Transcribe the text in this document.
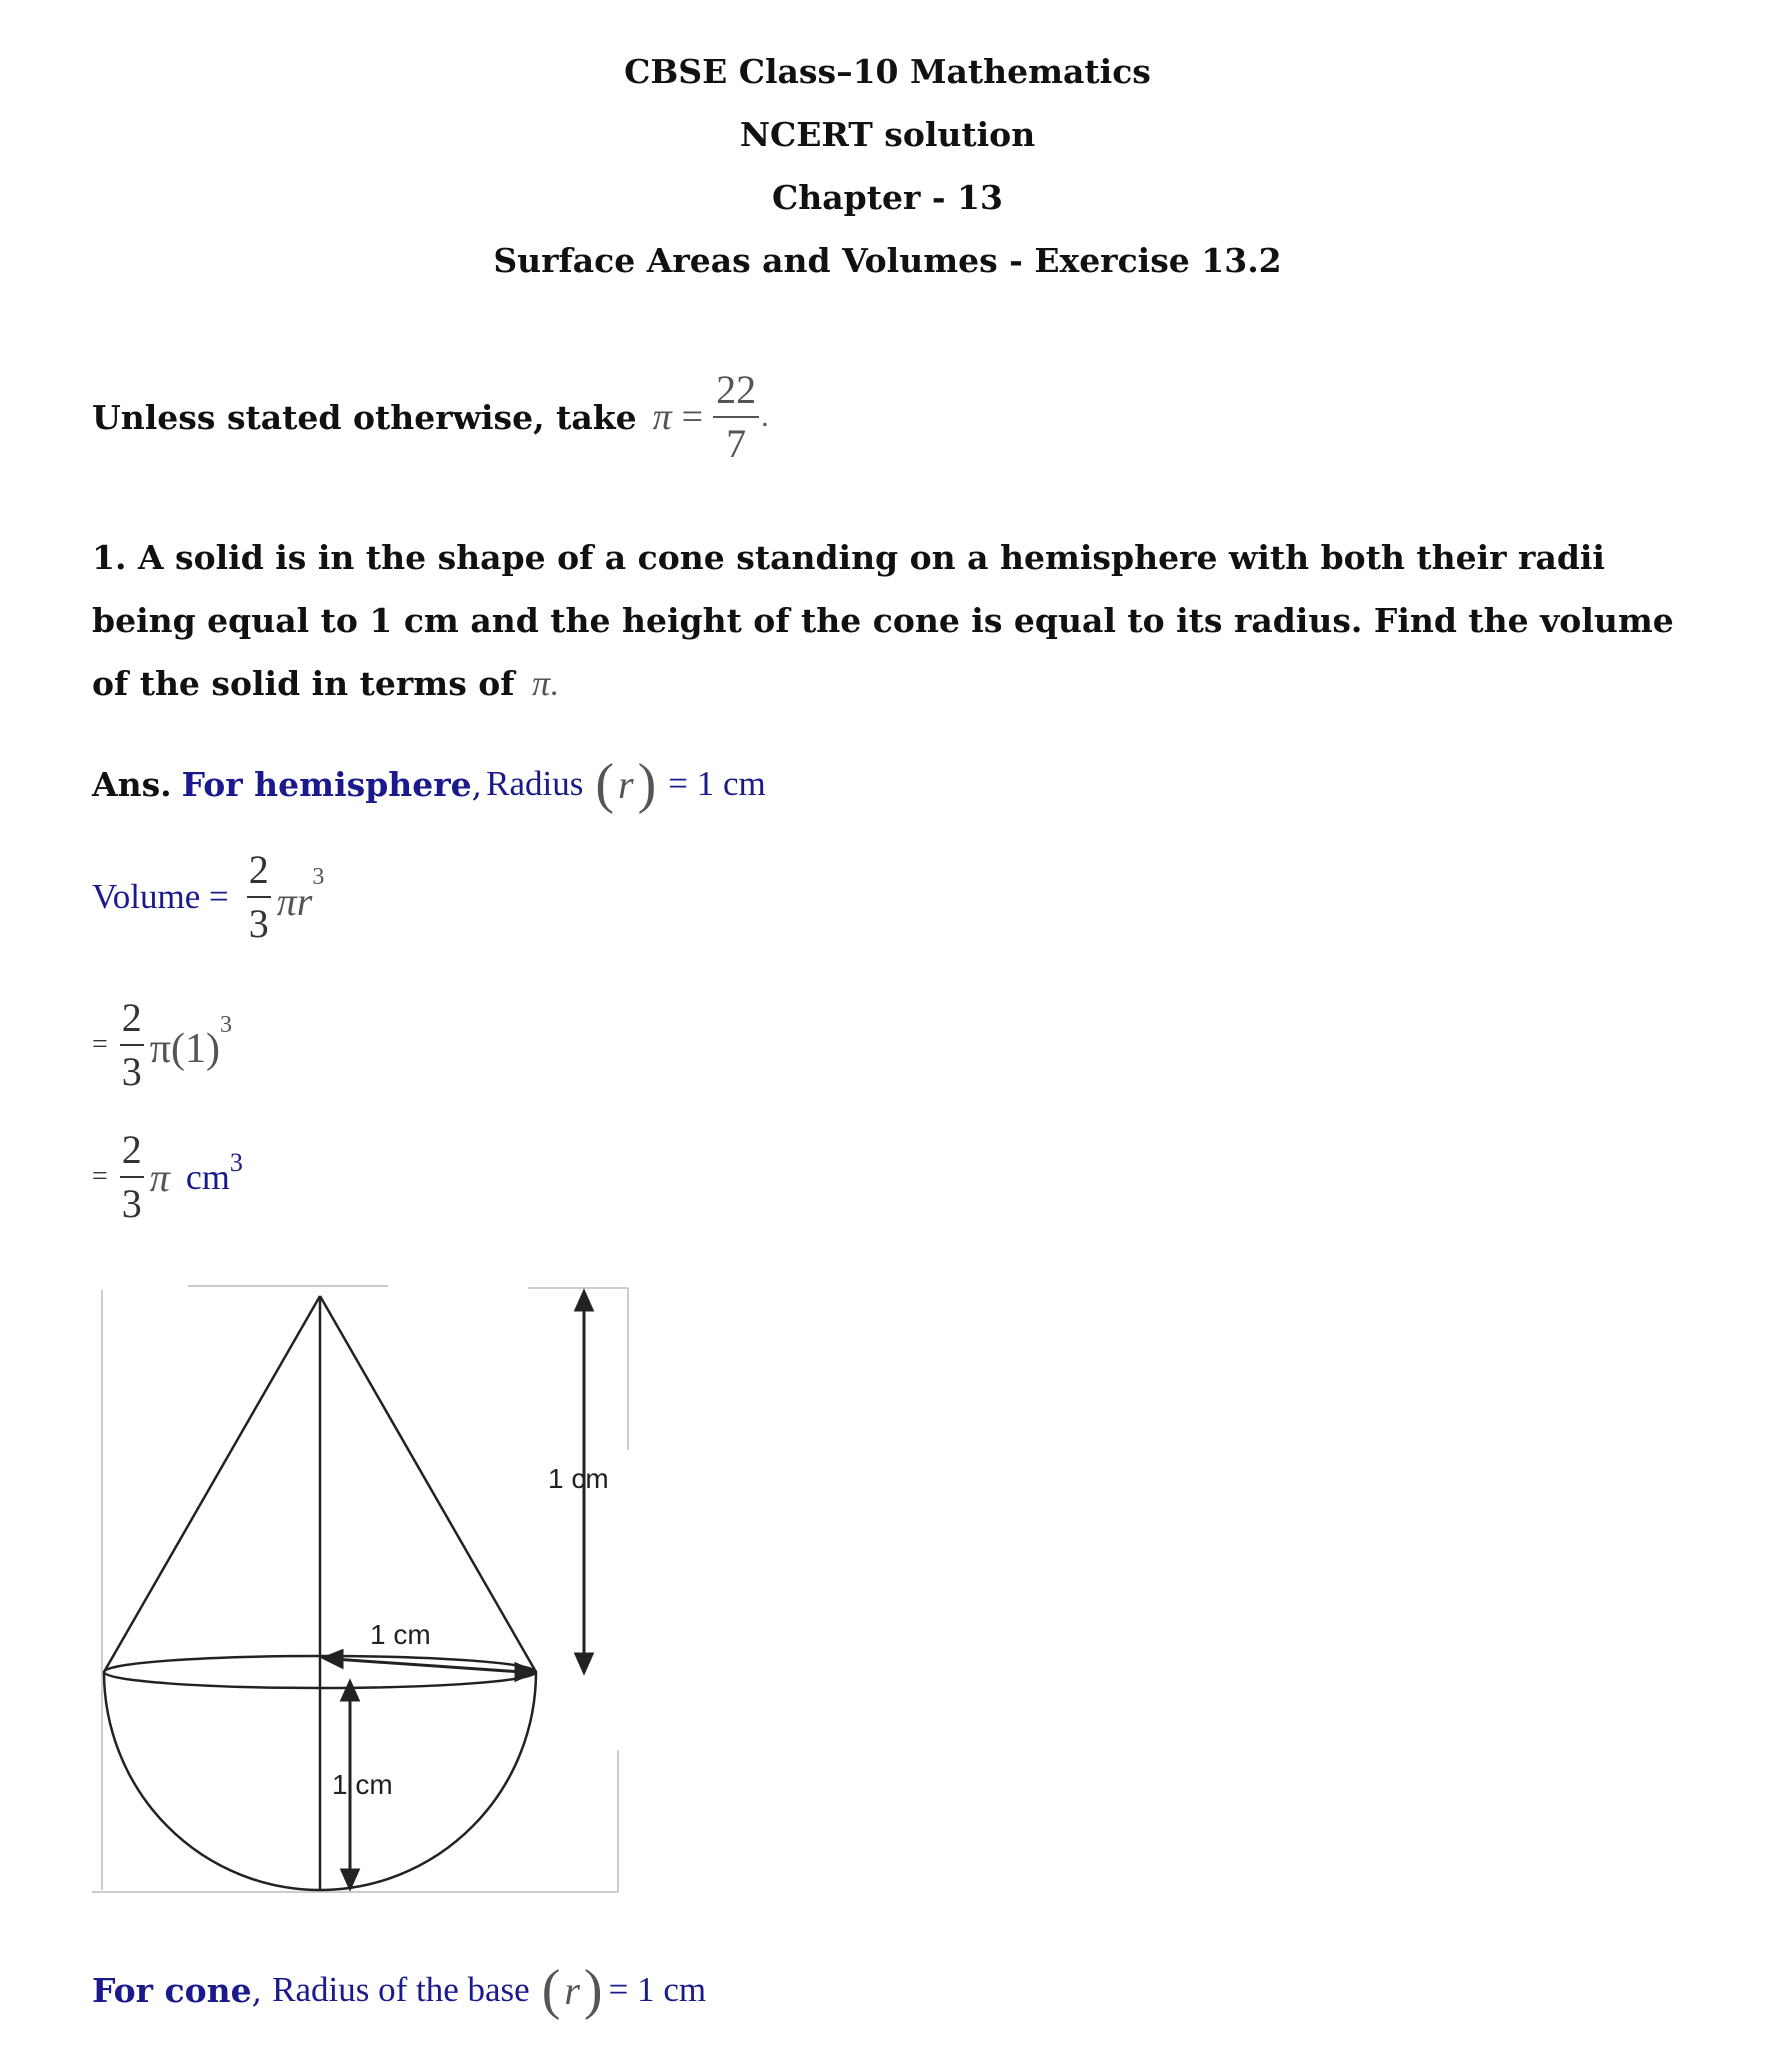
CBSE Class–10 Mathematics
NCERT solution
Chapter - 13
Surface Areas and Volumes - Exercise 13.2
Unless stated otherwise, take $\pi = \frac{22}{7}$ .
1. A solid is in the shape of a cone standing on a hemisphere with both their radii being equal to 1 cm and the height of the cone is equal to its radius. Find the volume of the solid in terms of π.
Ans. For hemisphere , Radius ( r ) = 1 cm
Volume = $\frac{2}{3}$ πr
3
= $\frac{2}{3} \pi(1)$
3
= $\frac{2}{3}$ π cm 3
1 cm
1 cm
1 cm
For cone , Radius of the base ( r ) = 1 cm
